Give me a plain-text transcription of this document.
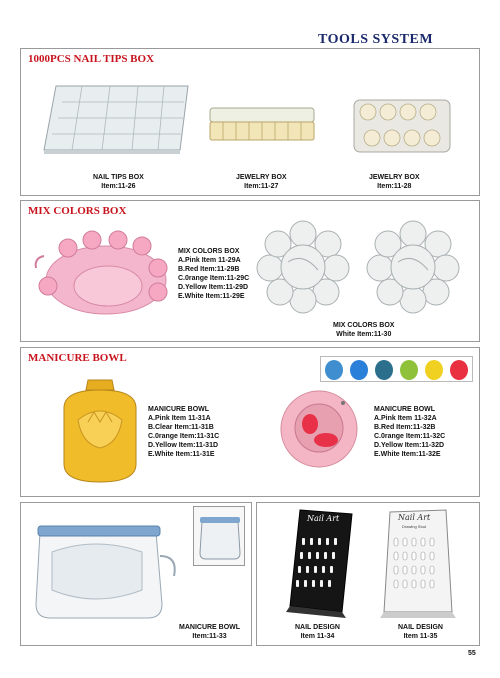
TOOLS SYSTEM
1000PCS NAIL TIPS BOX
NAIL TIPS BOX
Item:11-26
JEWELRY BOX
Item:11-27
JEWELRY BOX
Item:11-28
MIX COLORS BOX
MIX COLORS BOX
A.Pink Item 11-29A
B.Red Item:11-29B
C.0range Item:11-29C
D.Yellow Item:11-29D
E.White Item:11-29E
MIX COLORS BOX
White Item:11-30
MANICURE BOWL
MANICURE BOWL
A.Pink Item 11-31A
B.Clear Item:11-31B
C.0range Item:11-31C
D.Yellow Item:11-31D
E.White Item:11-31E
MANICURE BOWL
A.Pink Item 11-32A
B.Red Item:11-32B
C.0range Item:11-32C
D.Yellow Item:11-32D
E.White Item:11-32E
MANICURE BOWL
Item:11-33
Nail Art	Nail Art
Drawing Stud
NAIL DESIGN
Item 11-34
NAIL DESIGN
Item 11-35
55
